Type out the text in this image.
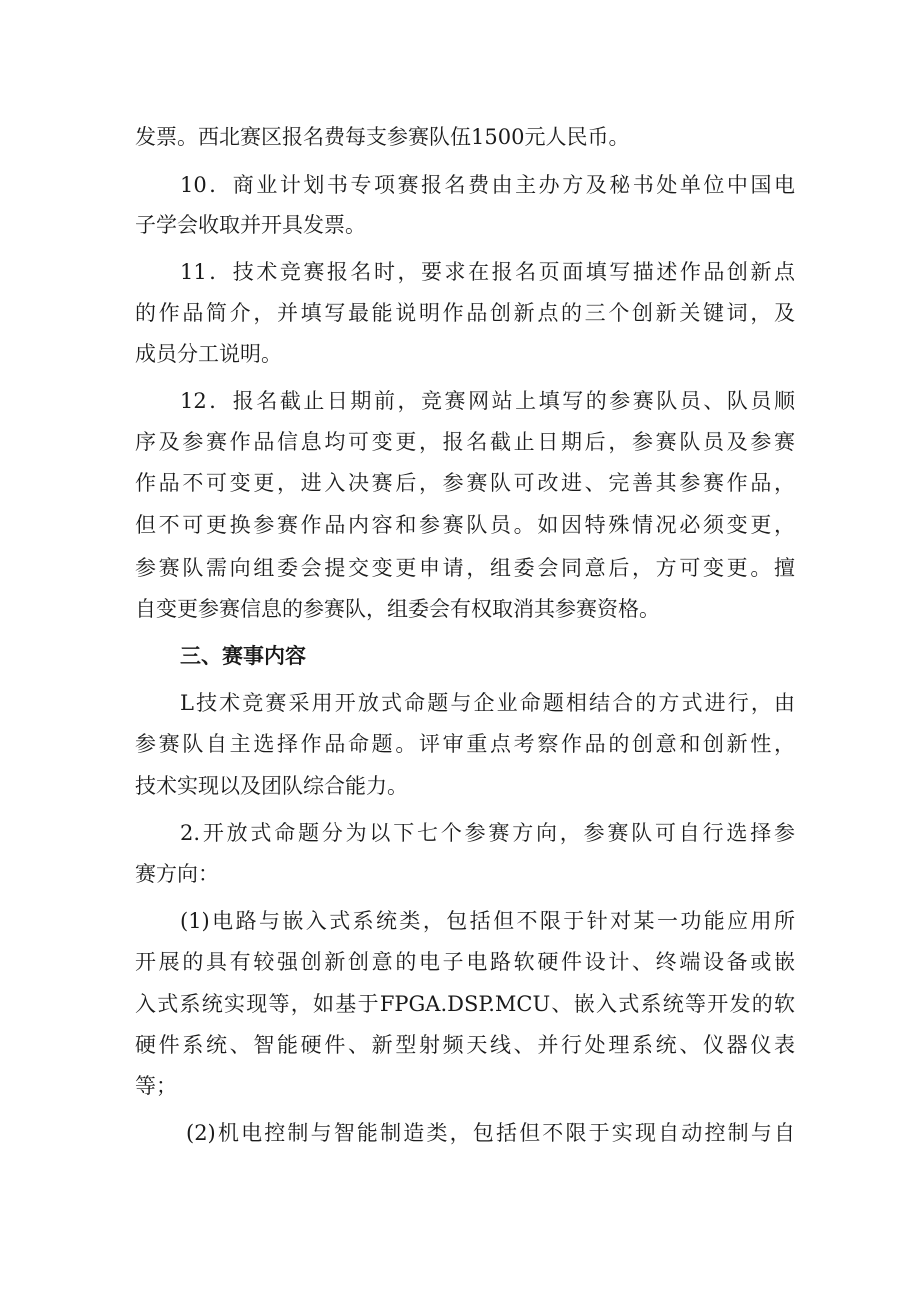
发票。西北赛区报名费每支参赛队伍1500元人民币。
10．商业计划书专项赛报名费由主办方及秘书处单位中国电
子学会收取并开具发票。
11．技术竞赛报名时，要求在报名页面填写描述作品创新点
的作品简介，并填写最能说明作品创新点的三个创新关键词，及
成员分工说明。
12．报名截止日期前，竞赛网站上填写的参赛队员、队员顺
序及参赛作品信息均可变更，报名截止日期后，参赛队员及参赛
作品不可变更，进入决赛后，参赛队可改进、完善其参赛作品，
但不可更换参赛作品内容和参赛队员。如因特殊情况必须变更，
参赛队需向组委会提交变更申请，组委会同意后，方可变更。擅
自变更参赛信息的参赛队，组委会有权取消其参赛资格。
三、赛事内容
L技术竞赛采用开放式命题与企业命题相结合的方式进行，由
参赛队自主选择作品命题。评审重点考察作品的创意和创新性，
技术实现以及团队综合能力。
2.开放式命题分为以下七个参赛方向，参赛队可自行选择参
赛方向：
(1)电路与嵌入式系统类，包括但不限于针对某一功能应用所
开展的具有较强创新创意的电子电路软硬件设计、终端设备或嵌
入式系统实现等，如基于FPGA.DSP.MCU、嵌入式系统等开发的软
硬件系统、智能硬件、新型射频天线、并行处理系统、仪器仪表
等；
(2)机电控制与智能制造类，包括但不限于实现自动控制与自
